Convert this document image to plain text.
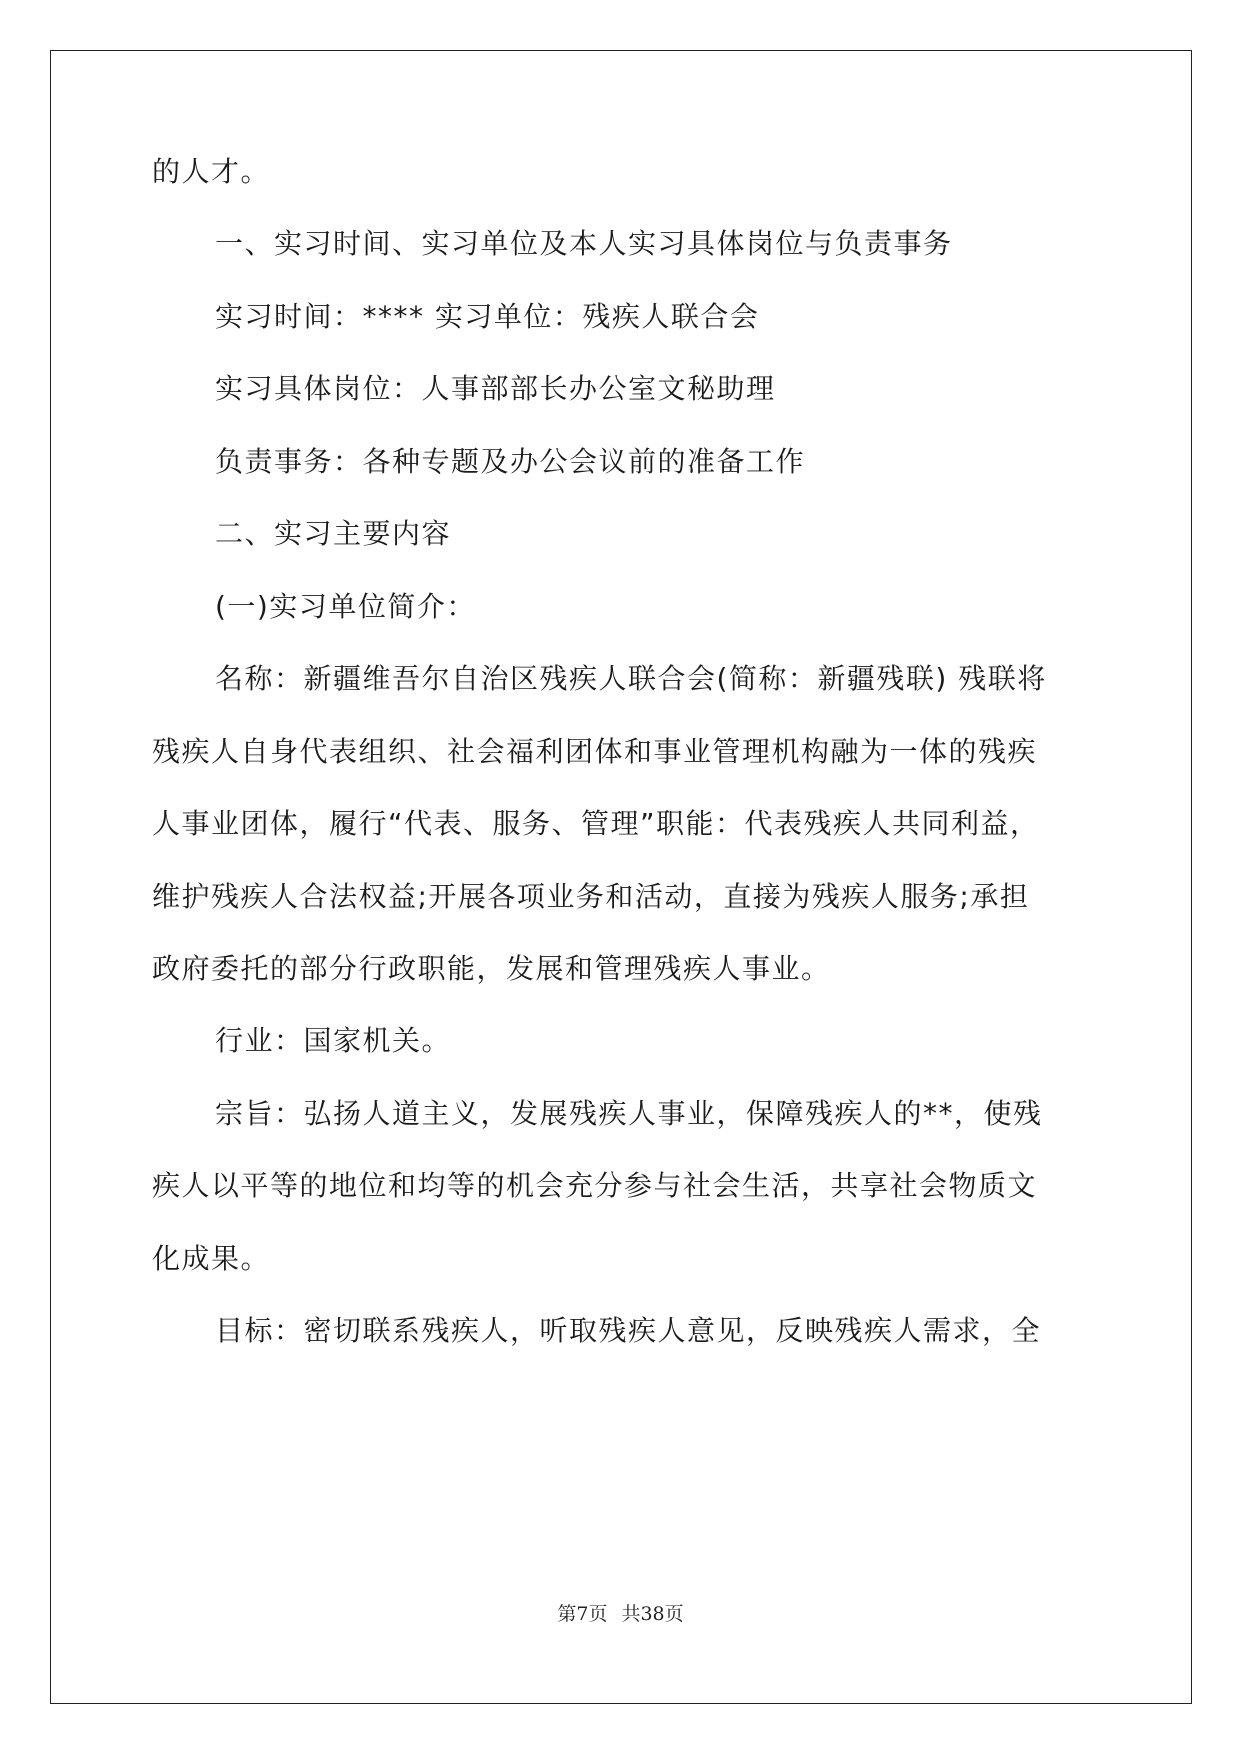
的人才。
一、实习时间、实习单位及本人实习具体岗位与负责事务
实习时间：**** 实习单位：残疾人联合会
实习具体岗位：人事部部长办公室文秘助理
负责事务：各种专题及办公会议前的准备工作
二、实习主要内容
(一)实习单位简介：
名称：新疆维吾尔自治区残疾人联合会(简称：新疆残联) 残联将
残疾人自身代表组织、社会福利团体和事业管理机构融为一体的残疾
人事业团体，履行“代表、服务、管理”职能：代表残疾人共同利益，
维护残疾人合法权益;开展各项业务和活动，直接为残疾人服务;承担
政府委托的部分行政职能，发展和管理残疾人事业。
行业：国家机关。
宗旨：弘扬人道主义，发展残疾人事业，保障残疾人的**，使残
疾人以平等的地位和均等的机会充分参与社会生活，共享社会物质文
化成果。
目标：密切联系残疾人，听取残疾人意见，反映残疾人需求，全
第7页 共38页
